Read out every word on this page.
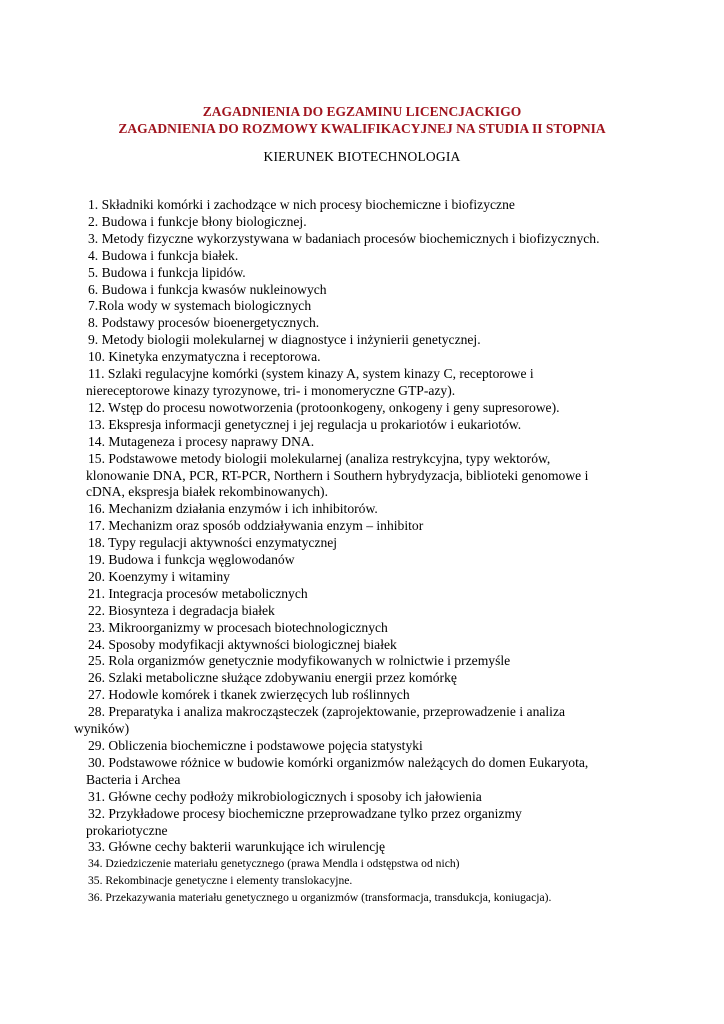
ZAGADNIENIA DO EGZAMINU LICENCJACKIGO
ZAGADNIENIA DO ROZMOWY KWALIFIKACYJNEJ NA STUDIA II STOPNIA
KIERUNEK BIOTECHNOLOGIA
1. Składniki komórki i zachodzące w nich procesy biochemiczne i biofizyczne
2. Budowa i funkcje błony biologicznej.
3. Metody fizyczne wykorzystywana w badaniach procesów biochemicznych i biofizycznych.
4. Budowa i funkcja białek.
5. Budowa i funkcja lipidów.
6. Budowa i funkcja kwasów nukleinowych
7.Rola wody w systemach biologicznych
8. Podstawy procesów bioenergetycznych.
9. Metody biologii molekularnej w diagnostyce i inżynierii genetycznej.
10. Kinetyka enzymatyczna i receptorowa.
11. Szlaki regulacyjne komórki (system kinazy A, system kinazy C, receptorowe i
niereceptorowe kinazy tyrozynowe, tri- i monomeryczne GTP-azy).
12. Wstęp do procesu nowotworzenia (protoonkogeny, onkogeny i geny supresorowe).
13. Ekspresja informacji genetycznej i jej regulacja u prokariotów i eukariotów.
14. Mutageneza i procesy naprawy DNA.
15. Podstawowe metody biologii molekularnej (analiza restrykcyjna, typy wektorów,
klonowanie DNA, PCR, RT-PCR, Northern i Southern hybrydyzacja, biblioteki genomowe i
cDNA, ekspresja białek rekombinowanych).
16. Mechanizm działania enzymów i ich inhibitorów.
17. Mechanizm oraz sposób oddziaływania enzym – inhibitor
18. Typy regulacji aktywności enzymatycznej
19. Budowa i funkcja węglowodanów
20. Koenzymy i witaminy
21. Integracja procesów metabolicznych
22. Biosynteza i degradacja białek
23. Mikroorganizmy w procesach biotechnologicznych
24. Sposoby modyfikacji aktywności biologicznej białek
25. Rola organizmów genetycznie modyfikowanych w rolnictwie i przemyśle
26. Szlaki metaboliczne służące zdobywaniu energii przez komórkę
27. Hodowle komórek i tkanek zwierzęcych lub roślinnych
28. Preparatyka i analiza makrocząsteczek (zaprojektowanie, przeprowadzenie i analiza
wyników)
29. Obliczenia biochemiczne i podstawowe pojęcia statystyki
30. Podstawowe różnice w budowie komórki organizmów należących do domen Eukaryota,
Bacteria i Archea
31. Główne cechy podłoży mikrobiologicznych i sposoby ich jałowienia
32. Przykładowe procesy biochemiczne przeprowadzane tylko przez organizmy
prokariotyczne
33. Główne cechy bakterii warunkujące ich wirulencję
34. Dziedziczenie materiału genetycznego (prawa Mendla i odstępstwa od nich)
35. Rekombinacje genetyczne i elementy translokacyjne.
36. Przekazywania materiału genetycznego u organizmów (transformacja, transdukcja, koniugacja).
